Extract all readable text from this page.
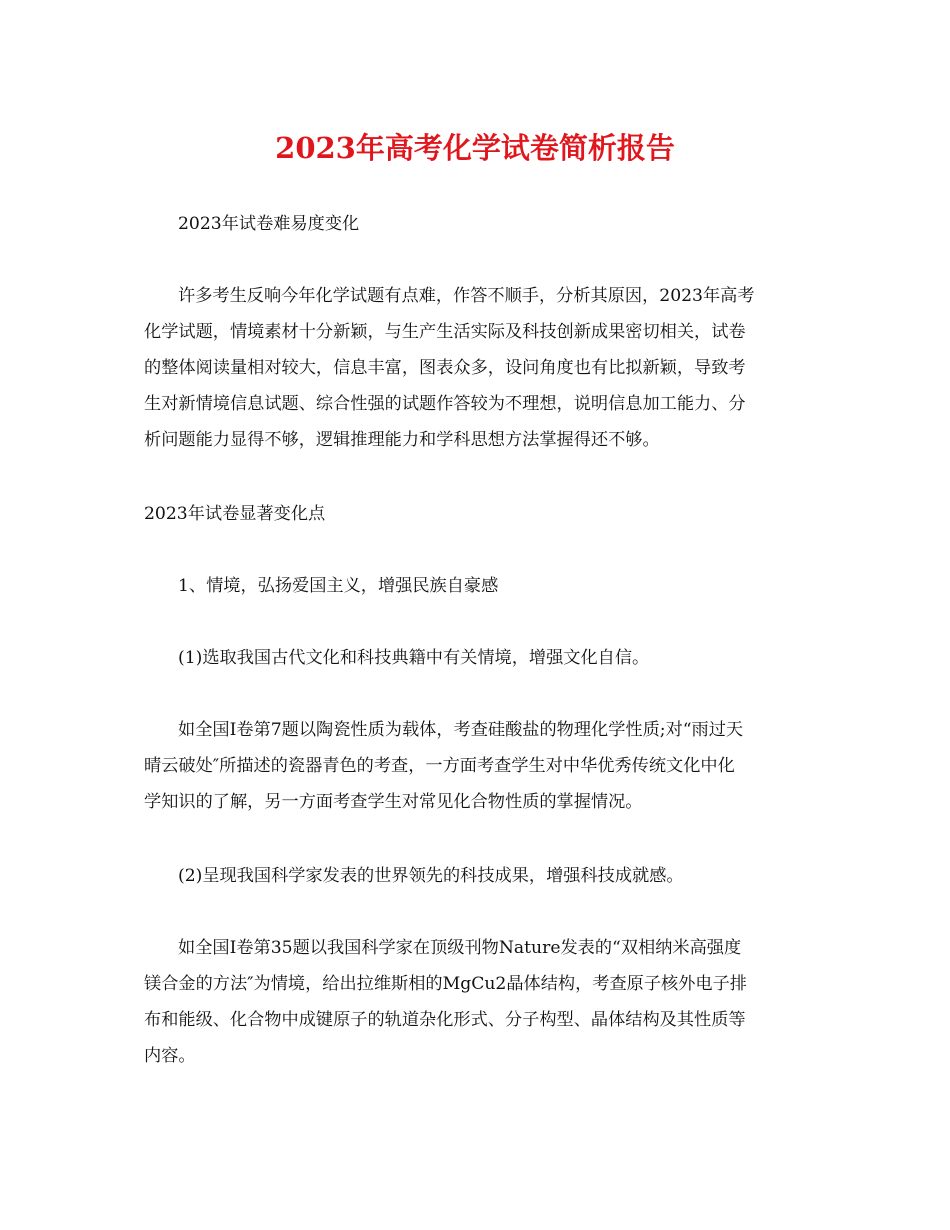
2023年高考化学试卷简析报告

2023年试卷难易度变化

许多考生反响今年化学试题有点难，作答不顺手，分析其原因，2023年高考
化学试题，情境素材十分新颖，与生产生活实际及科技创新成果密切相关，试卷
的整体阅读量相对较大，信息丰富，图表众多，设问角度也有比拟新颖，导致考
生对新情境信息试题、综合性强的试题作答较为不理想，说明信息加工能力、分
析问题能力显得不够，逻辑推理能力和学科思想方法掌握得还不够。

2023年试卷显著变化点

1、情境，弘扬爱国主义，增强民族自豪感

(1)选取我国古代文化和科技典籍中有关情境，增强文化自信。

如全国Ⅰ卷第7题以陶瓷性质为载体，考查硅酸盐的物理化学性质;对“雨过天
晴云破处″所描述的瓷器青色的考查，一方面考查学生对中华优秀传统文化中化
学知识的了解，另一方面考查学生对常见化合物性质的掌握情况。

(2)呈现我国科学家发表的世界领先的科技成果，增强科技成就感。

如全国Ⅰ卷第35题以我国科学家在顶级刊物Nature发表的“双相纳米高强度
镁合金的方法″为情境，给出拉维斯相的MgCu2晶体结构，考查原子核外电子排
布和能级、化合物中成键原子的轨道杂化形式、分子构型、晶体结构及其性质等
内容。
